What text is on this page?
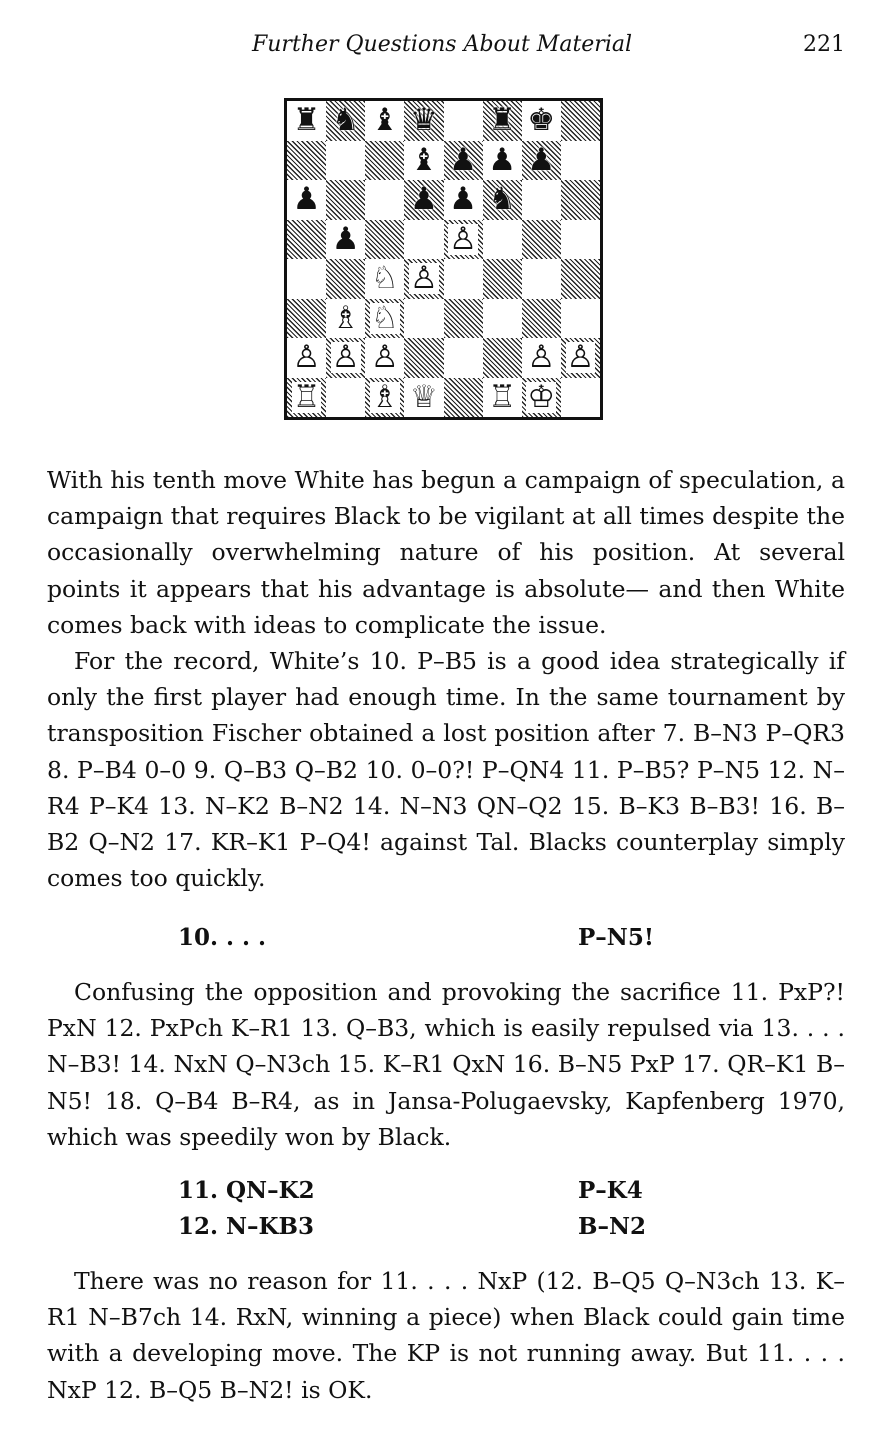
Further Questions About Material	221
♜ ♞ ♝ ♛ ♜ ♚
♝ ♟ ♟ ♟
♟	♟ ♟ ♞
♟	♙
♘ ♙
♗ ♘
♙ ♙ ♙	♙ ♙
♖ ♗ ♕ ♖ ♔

With his tenth move White has begun a campaign of speculation, a campaign that requires Black to be vigilant at all times despite the occasionally overwhelming nature of his position. At several points it appears that his advantage is absolute— and then White comes back with ideas to complicate the issue.

For the record, White’s 10. P–B5 is a good idea strategically if only the first player had enough time. In the same tournament by transposition Fischer obtained a lost position after 7. B–N3 P–QR3 8. P–B4 0–0 9. Q–B3 Q–B2 10. 0–0?! P–QN4 11. P–B5? P–N5 12. N–R4 P–K4 13. N–K2 B–N2 14. N–N3 QN–Q2 15. B–K3 B–B3! 16. B–B2 Q–N2 17. KR–K1 P–Q4! against Tal. Blacks counterplay simply comes too quickly.

10. . . .	P–N5!

Confusing the opposition and provoking the sacrifice 11. PxP?! PxN 12. PxPch K–R1 13. Q–B3, which is easily repulsed via 13. . . . N–B3! 14. NxN Q–N3ch 15. K–R1 QxN 16. B–N5 PxP 17. QR–K1 B–N5! 18. Q–B4 B–R4, as in Jansa-Polugaevsky, Kapfenberg 1970, which was speedily won by Black.

11. QN–K2	P–K4
12. N–KB3	B–N2

There was no reason for 11. . . . NxP (12. B–Q5 Q–N3ch 13. K–R1 N–B7ch 14. RxN, winning a piece) when Black could gain time with a developing move. The KP is not running away. But 11. . . . NxP 12. B–Q5 B–N2! is OK.
